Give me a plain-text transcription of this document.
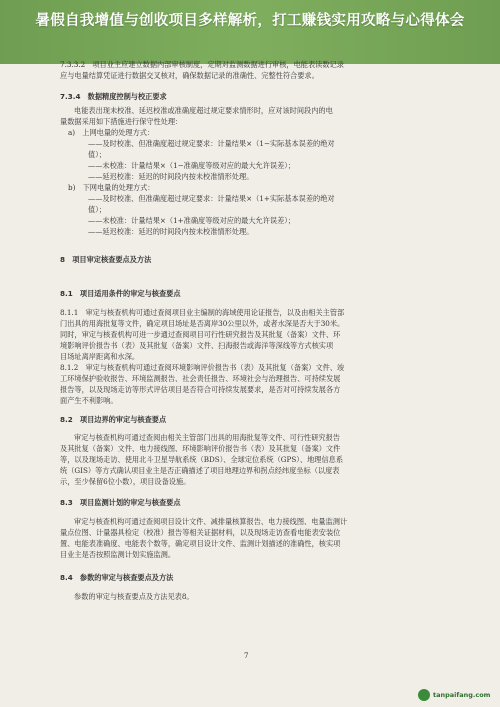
暑假自我增值与创收项目多样解析，打工赚钱实用攻略与心得体会
7.3.3.2　项目业主应建立数据内部审核制度，定期对监测数据进行审核，电能表读数记录
应与电量结算凭证进行数据交叉核对，确保数据记录的准确性、完整性符合要求。
7.3.4　数据精度控制与校正要求
电能表出现未校准、延迟校准或准确度超过规定要求情形时，应对该时间段内的电
量数据采用如下措施进行保守性处理：
a)　上网电量的处理方式：
——及时校准、但准确度超过规定要求：计量结果×（1−实际基本误差的绝对
值）；
——未校准：计量结果×（1−准确度等级对应的最大允许误差）；
——延迟校准：延迟的时间段内按未校准情形处理。
b)　下网电量的处理方式：
——及时校准、但准确度超过规定要求：计量结果×（1+实际基本误差的绝对
值）；
——未校准：计量结果×（1+准确度等级对应的最大允许误差）；
——延迟校准：延迟的时间段内按未校准情形处理。
8　项目审定核查要点及方法
8.1　项目适用条件的审定与核查要点
8.1.1　审定与核查机构可通过查阅项目业主编制的海域使用论证报告，以及由相关主管部
门出具的用海批复等文件，确定项目场址是否离岸30公里以外，或者水深是否大于30米。
同时，审定与核查机构可进一步通过查阅项目可行性研究报告及其批复（备案）文件、环
境影响评价报告书（表）及其批复（备案）文件、扫海报告或海洋等深线等方式核实项
目场址离岸距离和水深。
8.1.2　审定与核查机构可通过查阅环境影响评价报告书（表）及其批复（备案）文件、竣
工环境保护验收报告、环境监测报告、社会责任报告、环境社会与治理报告、可持续发展
报告等，以及现场走访等形式评估项目是否符合可持续发展要求，是否对可持续发展各方
面产生不利影响。
8.2　项目边界的审定与核查要点
审定与核查机构可通过查阅由相关主管部门出具的用海批复等文件、可行性研究报告
及其批复（备案）文件、电力接线图、环境影响评价报告书（表）及其批复（备案）文件
等，以及现场走访、使用北斗卫星导航系统（BDS）、全球定位系统（GPS）、地理信息系
统（GIS）等方式确认项目业主是否正确描述了项目地理边界和拐点经纬度坐标（以度表
示，至少保留6位小数），项目设备设施。
8.3　项目监测计划的审定与核查要点
审定与核查机构可通过查阅项目设计文件、减排量核算报告、电力接线图、电量监测计
量点位图、计量器具检定（校准）报告等相关证据材料，以及现场走访查看电能表安装位
置、电能表准确度、电能表个数等，确定项目设计文件、监测计划描述的准确性，核实项
目业主是否按照监测计划实施监测。
8.4　参数的审定与核查要点及方法
参数的审定与核查要点及方法见表8。
7
tanpaifang.com
